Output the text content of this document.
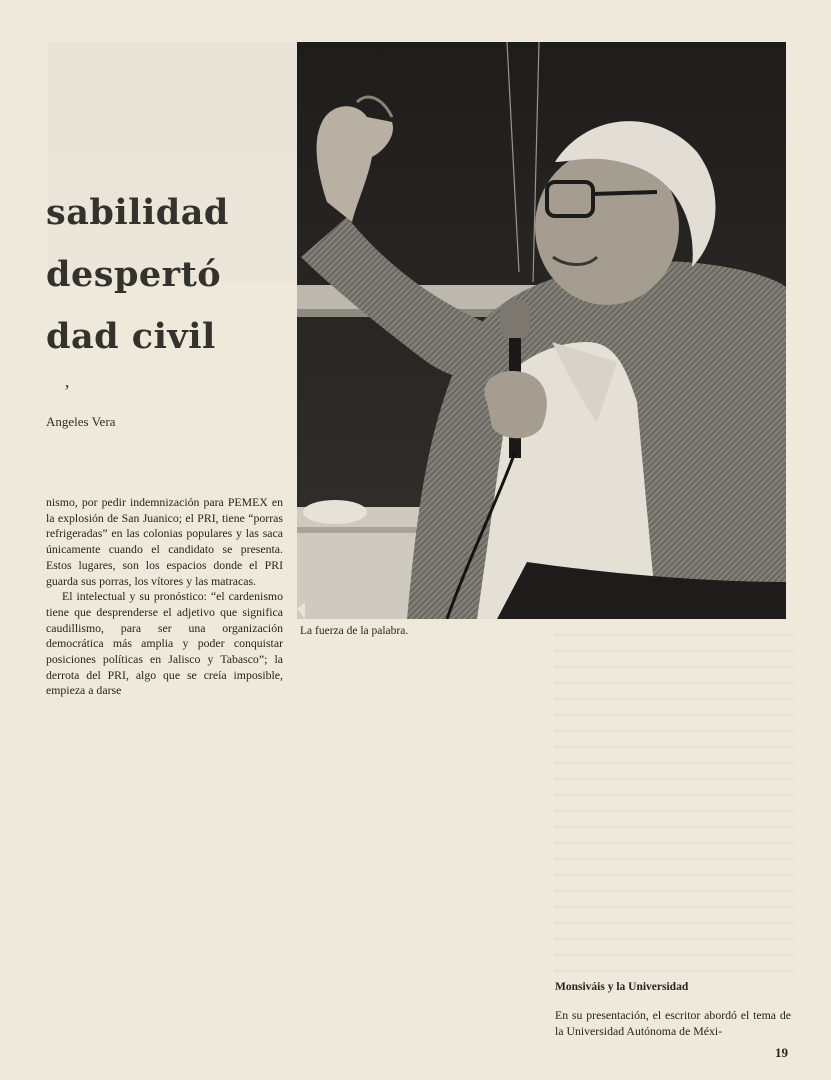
sabilidad
despertó
dad civil
’
Angeles Vera

nismo, por pedir indemnización para PEMEX en la explosión de San Juanico; el PRI, tiene “porras refrigeradas” en las colonias populares y las saca únicamente cuando el candidato se presenta. Estos lugares, son los espacios donde el PRI guarda sus porras, los vítores y las matracas.

El intelectual y su pronóstico: “el cardenismo tiene que desprenderse el adjetivo que significa caudillismo, para ser una organización democrática más amplia y poder conquistar posiciones políticas en Jalisco y Tabasco”; la derrota del PRI, algo que se creía imposible, empieza a darse

La fuerza de la palabra.
Monsiváis y la Universidad
En su presentación, el escritor abordó el tema de la Universidad Autónoma de Méxi-
19
